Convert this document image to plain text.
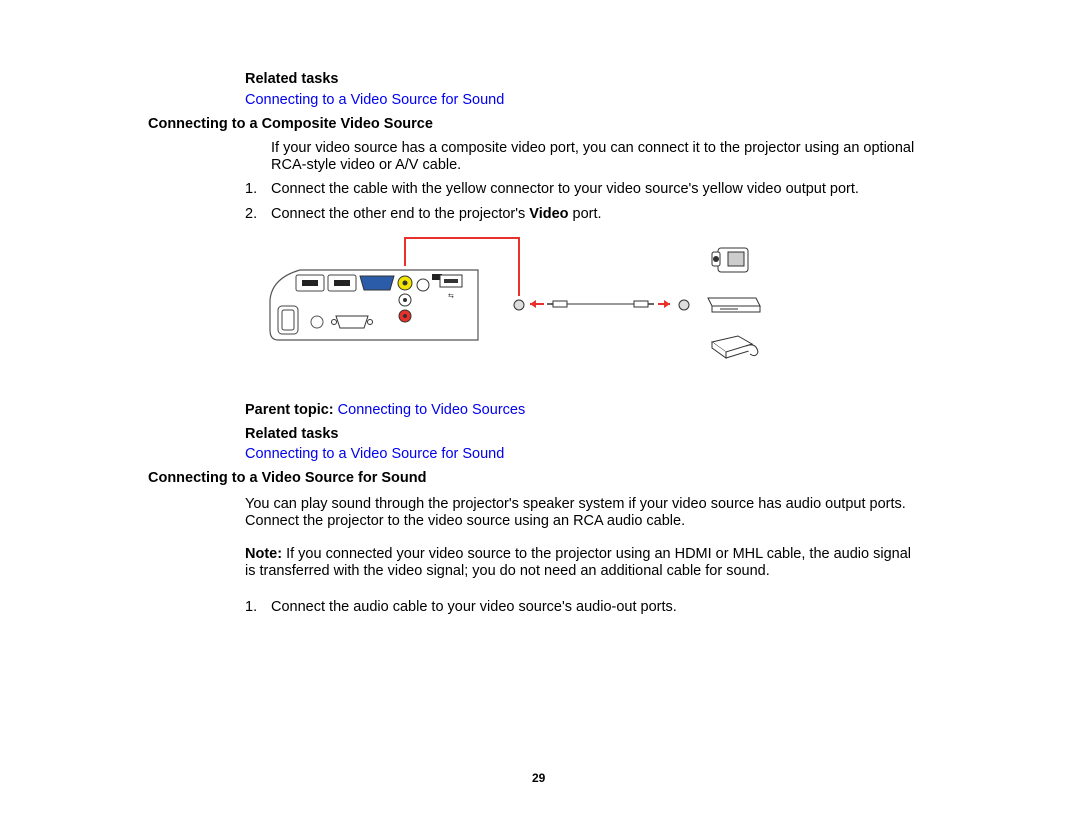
Related tasks
Connecting to a Video Source for Sound
Connecting to a Composite Video Source
If your video source has a composite video port, you can connect it to the projector using an optional
RCA-style video or A/V cable.
1. Connect the cable with the yellow connector to your video source's yellow video output port.
2. Connect the other end to the projector's Video port.
⇆
Parent topic: Connecting to Video Sources
Related tasks
Connecting to a Video Source for Sound
Connecting to a Video Source for Sound
You can play sound through the projector's speaker system if your video source has audio output ports.
Connect the projector to the video source using an RCA audio cable.
Note: If you connected your video source to the projector using an HDMI or MHL cable, the audio signal
is transferred with the video signal; you do not need an additional cable for sound.
1. Connect the audio cable to your video source's audio-out ports.
29
